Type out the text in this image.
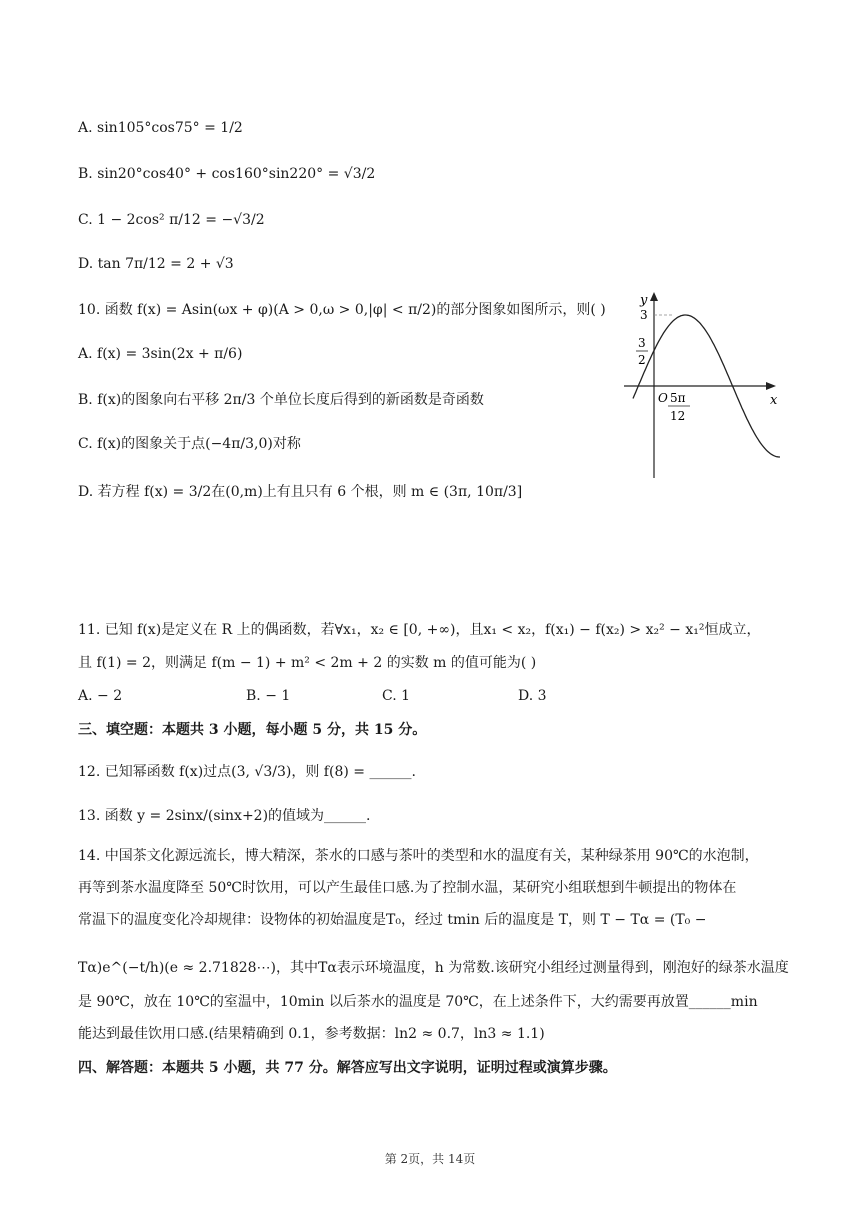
A. sin105°cos75° = 1/2
B. sin20°cos40° + cos160°sin220° = √3/2
C. 1 − 2cos² π/12 = −√3/2
D. tan 7π/12 = 2 + √3
10. 函数 f(x) = Asin(ωx + φ)(A > 0,ω > 0,|φ| < π/2)的部分图象如图所示，则( )
A. f(x) = 3sin(2x + π/6)
B. f(x)的图象向右平移 2π/3 个单位长度后得到的新函数是奇函数
C. f(x)的图象关于点(−4π/3,0)对称
D. 若方程 f(x) = 3/2在(0,m)上有且只有 6 个根，则 m ∈ (3π, 10π/3]
y
x
3
3
2
O 5π
12
11. 已知 f(x)是定义在 R 上的偶函数，若∀x₁，x₂ ∈ [0, +∞)，且x₁ < x₂，f(x₁) − f(x₂) > x₂² − x₁²恒成立，
且 f(1) = 2，则满足 f(m − 1) + m² < 2m + 2 的实数 m 的值可能为( )
A. − 2	B. − 1	C. 1	D. 3
三、填空题：本题共 3 小题，每小题 5 分，共 15 分。
12. 已知幂函数 f(x)过点(3, √3/3)，则 f(8) = ______.
13. 函数 y = 2sinx/(sinx+2)的值域为______.
14. 中国茶文化源远流长，博大精深，茶水的口感与茶叶的类型和水的温度有关，某种绿茶用 90℃的水泡制，
再等到茶水温度降至 50℃时饮用，可以产生最佳口感.为了控制水温，某研究小组联想到牛顿提出的物体在
常温下的温度变化冷却规律：设物体的初始温度是T₀，经过 tmin 后的温度是 T，则 T − Tα = (T₀ −
Tα)e^(−t/h)(e ≈ 2.71828⋯)，其中Tα表示环境温度，h 为常数.该研究小组经过测量得到，刚泡好的绿茶水温度
是 90℃，放在 10℃的室温中，10min 以后茶水的温度是 70℃，在上述条件下，大约需要再放置______min
能达到最佳饮用口感.(结果精确到 0.1，参考数据：ln2 ≈ 0.7，ln3 ≈ 1.1)
四、解答题：本题共 5 小题，共 77 分。解答应写出文字说明，证明过程或演算步骤。
第 2页，共 14页
